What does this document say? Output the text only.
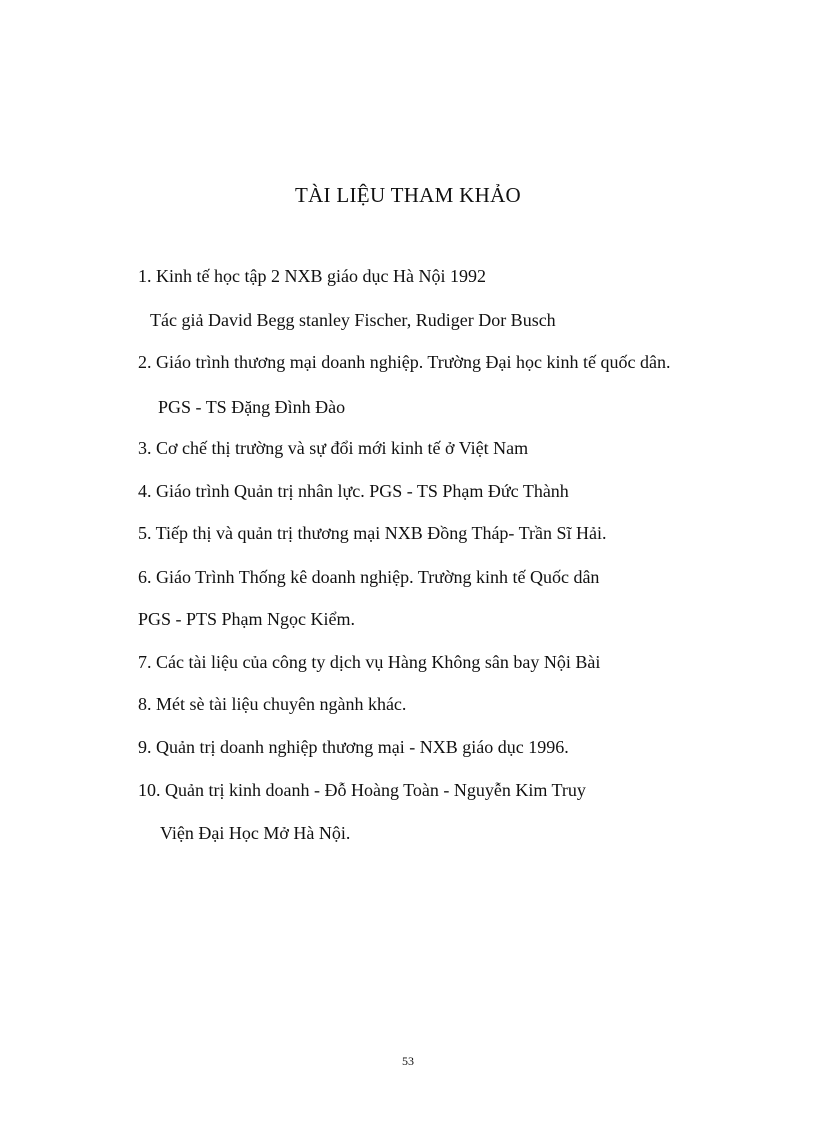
TÀI LIỆU THAM KHẢO
1. Kinh tế học tập 2 NXB giáo dục Hà Nội 1992
Tác giả David Begg stanley Fischer, Rudiger Dor Busch
2. Giáo trình thương mại doanh nghiệp. Trường Đại học kinh tế quốc dân.
PGS - TS Đặng Đình Đào
3. Cơ chế thị trường và sự đổi mới kinh tế ở Việt Nam
4. Giáo trình Quản trị nhân lực. PGS - TS Phạm Đức Thành
5. Tiếp thị và quản trị thương mại NXB Đồng Tháp- Trần Sĩ Hải.
6. Giáo Trình Thống kê doanh nghiệp. Trường kinh tế Quốc dân
PGS - PTS Phạm Ngọc Kiểm.
7. Các tài liệu của công ty dịch vụ Hàng Không sân bay Nội Bài
8. Mét sè tài liệu chuyên ngành khác.
9. Quản trị doanh nghiệp thương mại - NXB giáo dục 1996.
10. Quản trị kinh doanh - Đỗ Hoàng Toàn - Nguyễn Kim Truy
Viện Đại Học Mở Hà Nội.
53
